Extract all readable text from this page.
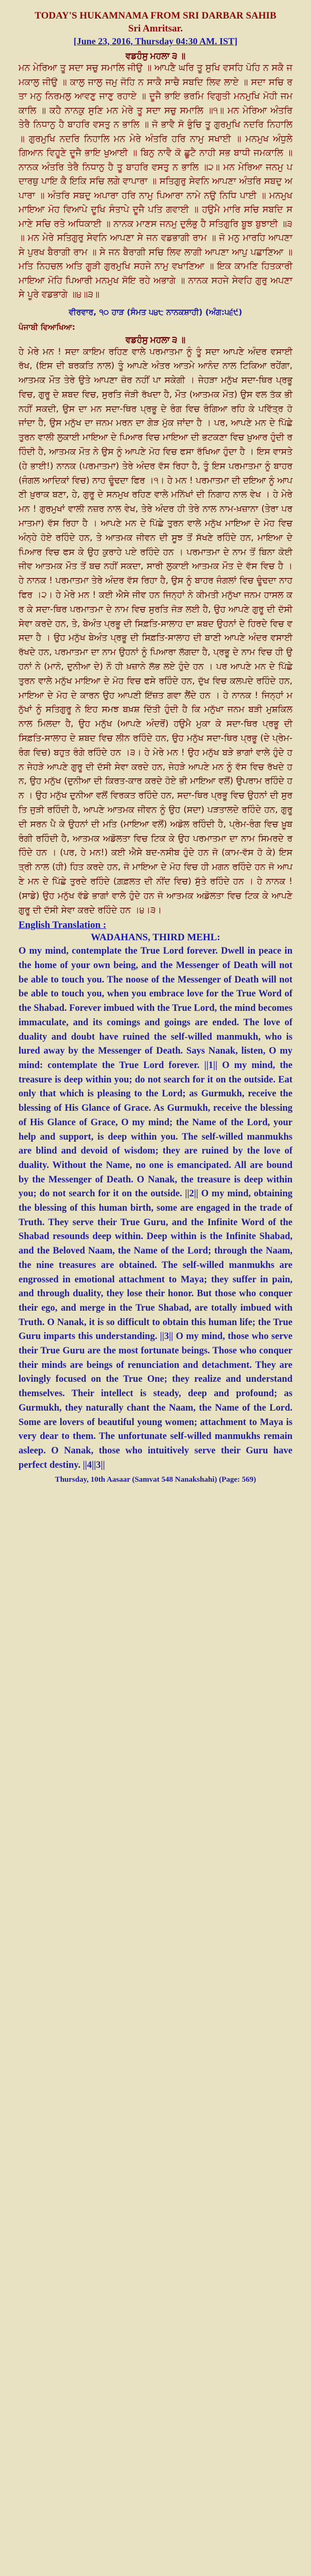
TODAY'S HUKAMNAMA FROM SRI DARBAR SAHIB
Sri Amritsar.
[June 23, 2016, Thursday 04:30 AM. IST]
ਵਡਹੰਸੁ ਮਹਲਾ ੩ ॥
ਮਨ ਮੇਰਿਆ ਤੂ ਸਦਾ ਸਚੁ ਸਮਾਲਿ ਜੀਉ ॥ ਆਪਣੈ ਘਰਿ ਤੂ ਸੁਖਿ ਵਸਹਿ ਪੋਹਿ ਨ ਸਕੈ ਜਮਕਾਲੁ ਜੀਉ ॥ ਕਾਲੁ ਜਾਲੁ ਜਮੁ ਜੋਹਿ ਨ ਸਾਕੈ ਸਾਚੈ ਸਬਦਿ ਲਿਵ ਲਾਏ ॥ ਸਦਾ ਸਚਿ ਰਤਾ ਮਨੁ ਨਿਰਮਲੁ ਆਵਣੁ ਜਾਣੁ ਰਹਾਏ ॥ ਦੂਜੈ ਭਾਇ ਭਰਮਿ ਵਿਗੁਤੀ ਮਨਮੁਖਿ ਮੋਹੀ ਜਮਕਾਲਿ ॥ ਕਹੈ ਨਾਨਕੁ ਸੁਣਿ ਮਨ ਮੇਰੇ ਤੂ ਸਦਾ ਸਚੁ ਸਮਾਲਿ ॥੧॥ ਮਨ ਮੇਰਿਆ ਅੰਤਰਿ ਤੇਰੈ ਨਿਧਾਨੁ ਹੈ ਬਾਹਰਿ ਵਸਤੁ ਨ ਭਾਲਿ ॥ ਜੋ ਭਾਵੈ ਸੋ ਭੁੰਚਿ ਤੂ ਗੁਰਮੁਖਿ ਨਦਰਿ ਨਿਹਾਲਿ ॥ ਗੁਰਮੁਖਿ ਨਦਰਿ ਨਿਹਾਲਿ ਮਨ ਮੇਰੇ ਅੰਤਰਿ ਹਰਿ ਨਾਮੁ ਸਖਾਈ ॥ ਮਨਮੁਖ ਅੰਧੁਲੇ ਗਿਆਨ ਵਿਹੂਣੇ ਦੂਜੈ ਭਾਇ ਖੁਆਈ ॥ ਬਿਨੁ ਨਾਵੈ ਕੋ ਛੂਟੈ ਨਾਹੀ ਸਭ ਬਾਧੀ ਜਮਕਾਲਿ ॥ ਨਾਨਕ ਅੰਤਰਿ ਤੇਰੈ ਨਿਧਾਨੁ ਹੈ ਤੂ ਬਾਹਰਿ ਵਸਤੁ ਨ ਭਾਲਿ ॥੨॥ ਮਨ ਮੇਰਿਆ ਜਨਮੁ ਪਦਾਰਥੁ ਪਾਇ ਕੈ ਇਕਿ ਸਚਿ ਲਗੇ ਵਾਪਾਰਾ ॥ ਸਤਿਗੁਰੁ ਸੇਵਨਿ ਆਪਣਾ ਅੰਤਰਿ ਸਬਦੁ ਅਪਾਰਾ ॥ ਅੰਤਰਿ ਸਬਦੁ ਅਪਾਰਾ ਹਰਿ ਨਾਮੁ ਪਿਆਰਾ ਨਾਮੇ ਨਉ ਨਿਧਿ ਪਾਈ ॥ ਮਨਮੁਖ ਮਾਇਆ ਮੋਹ ਵਿਆਪੇ ਦੂਖਿ ਸੰਤਾਪੇ ਦੂਜੈ ਪਤਿ ਗਵਾਈ ॥ ਹਉਮੈ ਮਾਰਿ ਸਚਿ ਸਬਦਿ ਸਮਾਣੇ ਸਚਿ ਰਤੇ ਅਧਿਕਾਈ ॥ ਨਾਨਕ ਮਾਣਸ ਜਨਮੁ ਦੁਲੰਭੁ ਹੈ ਸਤਿਗੁਰਿ ਬੂਝ ਬੁਝਾਈ ॥੩॥ ਮਨ ਮੇਰੇ ਸਤਿਗੁਰੁ ਸੇਵਨਿ ਆਪਣਾ ਸੇ ਜਨ ਵਡਭਾਗੀ ਰਾਮ ॥ ਜੋ ਮਨੁ ਮਾਰਹਿ ਆਪਣਾ ਸੇ ਪੁਰਖ ਬੈਰਾਗੀ ਰਾਮ ॥ ਸੇ ਜਨ ਬੈਰਾਗੀ ਸਚਿ ਲਿਵ ਲਾਗੀ ਆਪਣਾ ਆਪੁ ਪਛਾਣਿਆ ॥ ਮਤਿ ਨਿਹਚਲ ਅਤਿ ਗੂੜੀ ਗੁਰਮੁਖਿ ਸਹਜੇ ਨਾਮੁ ਵਖਾਣਿਆ ॥ ਇਕ ਕਾਮਣਿ ਹਿਤਕਾਰੀ ਮਾਇਆ ਮੋਹਿ ਪਿਆਰੀ ਮਨਮੁਖ ਸੋਇ ਰਹੇ ਅਭਾਗੇ ॥ ਨਾਨਕ ਸਹਜੇ ਸੇਵਹਿ ਗੁਰੁ ਅਪਣਾ ਸੇ ਪੂਰੇ ਵਡਭਾਗੇ ॥੪॥੩॥
ਵੀਰਵਾਰ, ੧੦ ਹਾੜ (ਸੰਮਤ ੫੪੮ ਨਾਨਕਸ਼ਾਹੀ) (ਅੰਗ:੫੬੯)
ਪੰਜਾਬੀ ਵਿਆਖਿਆ:
ਵਡਹੰਸੁ ਮਹਲਾ ੩ ॥
ਹੇ ਮੇਰੇ ਮਨ ! ਸਦਾ ਕਾਇਮ ਰਹਿਣ ਵਾਲੇ ਪਰਮਾਤਮਾ ਨੂੰ ਤੂੰ ਸਦਾ ਆਪਣੇ ਅੰਦਰ ਵਸਾਈ ਰੱਖ, (ਇਸ ਦੀ ਬਰਕਤਿ ਨਾਲ) ਤੂੰ ਆਪਣੇ ਅੰਤਰ ਆਤਮੇ ਆਨੰਦ ਨਾਲ ਟਿਕਿਆ ਰਹੇਂਗਾ, ਆਤਮਕ ਮੌਤ ਤੇਰੇ ਉਤੇ ਆਪਣਾ ਜ਼ੋਰ ਨਹੀਂ ਪਾ ਸਕੇਗੀ । ਜੇਹੜਾ ਮਨੁੱਖ ਸਦਾ-ਥਿਰ ਪ੍ਰਭੂ ਵਿਚ, ਗੁਰੂ ਦੇ ਸ਼ਬਦ ਵਿਚ, ਸੁਰਤਿ ਜੋੜੀ ਰੱਖਦਾ ਹੈ, ਮੌਤ (ਆਤਮਕ ਮੌਤ) ਉਸ ਵਲ ਤੱਕ ਭੀ ਨਹੀਂ ਸਕਦੀ, ਉਸ ਦਾ ਮਨ ਸਦਾ-ਥਿਰ ਪ੍ਰਭੂ ਦੇ ਰੰਗ ਵਿਚ ਰੰਗਿਆ ਰਹਿ ਕੇ ਪਵਿੱਤ੍ਰ ਹੋ ਜਾਂਦਾ ਹੈ, ਉਸ ਮਨੁੱਖ ਦਾ ਜਨਮ ਮਰਨ ਦਾ ਗੇੜ ਮੁੱਕ ਜਾਂਦਾ ਹੈ । ਪਰ, ਆਪਣੇ ਮਨ ਦੇ ਪਿੱਛੇ ਤੁਰਨ ਵਾਲੀ ਲੁਕਾਈ ਮਾਇਆ ਦੇ ਪਿਆਰ ਵਿਚ ਮਾਇਆ ਦੀ ਭਟਕਣਾ ਵਿਚ ਖ਼ੁਆਰ ਹੁੰਦੀ ਰਹਿੰਦੀ ਹੈ, ਆਤਮਕ ਮੌਤ ਨੇ ਉਸ ਨੂੰ ਆਪਣੇ ਮੋਹ ਵਿਚ ਫਸਾ ਰੱਖਿਆ ਹੁੰਦਾ ਹੈ । ਇਸ ਵਾਸਤੇ (ਹੇ ਭਾਈ!) ਨਾਨਕ (ਪਰਮਾਤਮਾ) ਤੇਰੇ ਅੰਦਰ ਵੱਸ ਰਿਹਾ ਹੈ, ਤੂੰ ਇਸ ਪਰਮਾਤਮਾ ਨੂੰ ਬਾਹਰ (ਜੰਗਲ ਆਦਿਕਾਂ ਵਿਚ) ਨਾਹ ਢੂੰਢਦਾ ਫਿਰ ।੧। ਹੇ ਮਨ ! ਪਰਮਾਤਮਾ ਦੀ ਦਇਆ ਨੂੰ ਆਪਣੀ ਖ਼ੁਰਾਕ ਬਣਾ, ਹੇ, ਗੁਰੂ ਦੇ ਸਨਮੁਖ ਰਹਿਣ ਵਾਲੇ ਮਨਿੱਖਾਂ ਦੀ ਨਿਗਾਹ ਨਾਲ ਵੇਖ । ਹੇ ਮੇਰੇ ਮਨ ! ਗੁਰਮੁਖਾਂ ਵਾਲੀ ਨਜ਼ਰ ਨਾਲ ਵੇਖ, ਤੇਰੇ ਅੰਦਰ ਹੀ ਤੇਰੇ ਨਾਲ ਨਾਮ-ਖ਼ਜ਼ਾਨਾ (ਤੇਰਾ ਪਰਮਾਤਮਾ) ਵੱਸ ਰਿਹਾ ਹੈ । ਆਪਣੇ ਮਨ ਦੇ ਪਿੱਛੇ ਤੁਰਨ ਵਾਲੇ ਮਨੁੱਖ ਮਾਇਆ ਦੇ ਮੋਹ ਵਿਚ ਅੰਨ੍ਹੇ ਹੋਏ ਰਹਿੰਦੇ ਹਨ, ਤੇ ਆਤਮਕ ਜੀਵਨ ਦੀ ਸੂਝ ਤੋਂ ਸੱਖਣੇ ਰਹਿੰਦੇ ਹਨ, ਮਾਇਆ ਦੇ ਪਿਆਰ ਵਿਚ ਫਸ ਕੇ ਉਹ ਕੁਰਾਹੇ ਪਏ ਰਹਿੰਦੇ ਹਨ । ਪਰਮਾਤਮਾ ਦੇ ਨਾਮ ਤੋਂ ਬਿਨਾ ਕੋਈ ਜੀਵ ਆਤਮਕ ਮੌਤ ਤੋਂ ਬਚ ਨਹੀਂ ਸਕਦਾ, ਸਾਰੀ ਲੁਕਾਈ ਆਤਮਕ ਮੌਤ ਦੇ ਵੱਸ ਵਿਚ ਹੈ । ਹੇ ਨਾਨਕ ! ਪਰਮਾਤਮਾ ਤੇਰੇ ਅੰਦਰ ਵੱਸ ਰਿਹਾ ਹੈ, ਉਸ ਨੂੰ ਬਾਹਰ ਜੰਗਲਾਂ ਵਿਚ ਢੂੰਢਦਾ ਨਾਹ ਫਿਰ ।੨। ਹੇ ਮੇਰੇ ਮਨ ! ਕਈ ਐਸੇ ਜੀਵ ਹਨ ਜਿਨ੍ਹਾਂ ਨੇ ਕੀਮਤੀ ਮਨੁੱਖਾ ਜਨਮ ਹਾਸਲ ਕਰ ਕੇ ਸਦਾ-ਥਿਰ ਪਰਮਾਤਮਾ ਦੇ ਨਾਮ ਵਿਚ ਸੁਰਤਿ ਜੋੜ ਲਈ ਹੈ, ਉਹ ਆਪਣੇ ਗੁਰੂ ਦੀ ਦੱਸੀ ਸੇਵਾ ਕਰਦੇ ਹਨ, ਤੇ, ਬੇਅੰਤ ਪ੍ਰਭੂ ਦੀ ਸਿਫ਼ਤਿ-ਸਾਲਾਹ ਦਾ ਸ਼ਬਦ ਉਹਨਾਂ ਦੇ ਹਿਰਦੇ ਵਿਚ ਵਸਦਾ ਹੈ । ਉਹ ਮਨੁੱਖ ਬੇਅੰਤ ਪ੍ਰਭੂ ਦੀ ਸਿਫ਼ਤਿ-ਸਾਲਾਹ ਦੀ ਬਾਣੀ ਆਪਣੇ ਅੰਦਰ ਵਸਾਈ ਰੱਖਦੇ ਹਨ, ਪਰਮਾਤਮਾ ਦਾ ਨਾਮ ਉਹਨਾਂ ਨੂੰ ਪਿਆਰਾ ਲੱਗਦਾ ਹੈ, ਪ੍ਰਭੂ ਦੇ ਨਾਮ ਵਿਚ ਹੀ ਉਹਨਾਂ ਨੇ (ਮਾਨੋ, ਦੁਨੀਆ ਦੇ) ਨੌ ਹੀ ਖ਼ਜ਼ਾਨੇ ਲੱਭ ਲਏ ਹੁੰਦੇ ਹਨ । ਪਰ ਆਪਣੇ ਮਨ ਦੇ ਪਿੱਛੇ ਤੁਰਨ ਵਾਲੇ ਮਨੁੱਖ ਮਾਇਆ ਦੇ ਮੋਹ ਵਿਚ ਫਸੇ ਰਹਿੰਦੇ ਹਨ, ਦੁੱਖ ਵਿਚ ਕਲਪਦੇ ਰਹਿੰਦੇ ਹਨ, ਮਾਇਆ ਦੇ ਮੋਹ ਦੇ ਕਾਰਨ ਉਹ ਆਪਣੀ ਇੱਜ਼ਤ ਗਵਾ ਲੈਂਦੇ ਹਨ । ਹੇ ਨਾਨਕ ! ਜਿਨ੍ਹਾਂ ਮਨੁੱਖਾਂ ਨੂੰ ਸਤਿਗੁਰੂ ਨੇ ਇਹ ਸਮਝ ਬਖ਼ਸ਼ ਦਿੱਤੀ ਹੁੰਦੀ ਹੈ ਕਿ ਮਨੁੱਖਾ ਜਨਮ ਬੜੀ ਮੁਸ਼ਕਿਲ ਨਾਲ ਮਿਲਦਾ ਹੈ, ਉਹ ਮਨੁੱਖ (ਆਪਣੇ ਅੰਦਰੋਂ) ਹਉਮੈ ਮੁਕਾ ਕੇ ਸਦਾ-ਥਿਰ ਪ੍ਰਭੂ ਦੀ ਸਿਫ਼ਤਿ-ਸਾਲਾਹ ਦੇ ਸ਼ਬਦ ਵਿਚ ਲੀਨ ਰਹਿੰਦੇ ਹਨ, ਉਹ ਮਨੁੱਖ ਸਦਾ-ਥਿਰ ਪ੍ਰਭੂ (ਦੇ ਪ੍ਰੇਮ-ਰੰਗ ਵਿਚ) ਬਹੁਤ ਰੰਗੇ ਰਹਿੰਦੇ ਹਨ ।੩। ਹੇ ਮੇਰੇ ਮਨ ! ਉਹ ਮਨੁੱਖ ਬੜੇ ਭਾਗਾਂ ਵਾਲੇ ਹੁੰਦੇ ਹਨ ਜੇਹੜੇ ਆਪਣੇ ਗੁਰੂ ਦੀ ਦੱਸੀ ਸੇਵਾ ਕਰਦੇ ਹਨ, ਜੇਹੜੇ ਆਪਣੇ ਮਨ ਨੂੰ ਵੱਸ ਵਿਚ ਰੱਖਦੇ ਹਨ, ਉਹ ਮਨੁੱਖ (ਦੁਨੀਆ ਦੀ ਕਿਰਤ-ਕਾਰ ਕਰਦੇ ਹੋਏ ਭੀ ਮਾਇਆ ਵਲੋਂ) ਉਪਰਾਮ ਰਹਿੰਦੇ ਹਨ । ਉਹ ਮਨੁੱਖ ਦੁਨੀਆ ਵਲੋਂ ਵਿਰਕਤ ਰਹਿੰਦੇ ਹਨ, ਸਦਾ-ਥਿਰ ਪ੍ਰਭੂ ਵਿਚ ਉਹਨਾਂ ਦੀ ਸੁਰਤਿ ਜੁੜੀ ਰਹਿੰਦੀ ਹੈ, ਆਪਣੇ ਆਤਮਕ ਜੀਵਨ ਨੂੰ ਉਹ (ਸਦਾ) ਪੜਤਾਲਦੇ ਰਹਿੰਦੇ ਹਨ, ਗੁਰੂ ਦੀ ਸਰਨ ਪੈ ਕੇ ਉਹਨਾਂ ਦੀ ਮਤਿ (ਮਾਇਆ ਵਲੋਂ) ਅਡੋਲ ਰਹਿੰਦੀ ਹੈ, ਪ੍ਰੇਮ-ਰੰਗ ਵਿਚ ਖ਼ੂਬ ਰੰਗੀ ਰਹਿੰਦੀ ਹੈ, ਆਤਮਕ ਅਡੋਲਤਾ ਵਿਚ ਟਿਕ ਕੇ ਉਹ ਪਰਮਾਤਮਾ ਦਾ ਨਾਮ ਸਿਮਰਦੇ ਰਹਿੰਦੇ ਹਨ । (ਪਰ, ਹੇ ਮਨ!) ਕਈ ਐਸੇ ਬਦ-ਨਸੀਬ ਹੁੰਦੇ ਹਨ ਜੋ (ਕਾਮ-ਵੱਸ ਹੋ ਕੇ) ਇਸਤ੍ਰੀ ਨਾਲ (ਹੀ) ਹਿਤ ਕਰਦੇ ਹਨ, ਜੋ ਮਾਇਆ ਦੇ ਮੋਹ ਵਿਚ ਹੀ ਮਗਨ ਰਹਿੰਦੇ ਹਨ ਜੋ ਆਪਣੇ ਮਨ ਦੇ ਪਿੱਛੇ ਤੁਰਦੇ ਰਹਿੰਦੇ (ਗ਼ਫ਼ਲਤ ਦੀ ਨੀਂਦ ਵਿਚ) ਸੁੱਤੇ ਰਹਿੰਦੇ ਹਨ । ਹੇ ਨਾਨਕ ! (ਸਾਡੇ) ਉਹ ਮਨੁੱਖ ਵੱਡੇ ਭਾਗਾਂ ਵਾਲੇ ਹੁੰਦੇ ਹਨ ਜੋ ਆਤਮਕ ਅਡੋਲਤਾ ਵਿਚ ਟਿਕ ਕੇ ਆਪਣੇ ਗੁਰੂ ਦੀ ਦੱਸੀ ਸੇਵਾ ਕਰਦੇ ਰਹਿੰਦੇ ਹਨ ।੪।੩।
English Translation :
WADAHANS, THIRD MEHL:
O my mind, contemplate the True Lord forever. Dwell in peace in the home of your own being, and the Messenger of Death will not be able to touch you. The noose of the Messenger of Death will not be able to touch you, when you embrace love for the True Word of the Shabad. Forever imbued with the True Lord, the mind becomes immaculate, and its comings and goings are ended. The love of duality and doubt have ruined the self-willed manmukh, who is lured away by the Messenger of Death. Says Nanak, listen, O my mind: contemplate the True Lord forever. ||1|| O my mind, the treasure is deep within you; do not search for it on the outside. Eat only that which is pleasing to the Lord; as Gurmukh, receive the blessing of His Glance of Grace. As Gurmukh, receive the blessing of His Glance of Grace, O my mind; the Name of the Lord, your help and support, is deep within you. The self-willed manmukhs are blind and devoid of wisdom; they are ruined by the love of duality. Without the Name, no one is emancipated. All are bound by the Messenger of Death. O Nanak, the treasure is deep within you; do not search for it on the outside. ||2|| O my mind, obtaining the blessing of this human birth, some are engaged in the trade of Truth. They serve their True Guru, and the Infinite Word of the Shabad resounds deep within. Deep within is the Infinite Shabad, and the Beloved Naam, the Name of the Lord; through the Naam, the nine treasures are obtained. The self-willed manmukhs are engrossed in emotional attachment to Maya; they suffer in pain, and through duality, they lose their honor. But those who conquer their ego, and merge in the True Shabad, are totally imbued with Truth. O Nanak, it is so difficult to obtain this human life; the True Guru imparts this understanding. ||3|| O my mind, those who serve their True Guru are the most fortunate beings. Those who conquer their minds are beings of renunciation and detachment. They are lovingly focused on the True One; they realize and understand themselves. Their intellect is steady, deep and profound; as Gurmukh, they naturally chant the Naam, the Name of the Lord. Some are lovers of beautiful young women; attachment to Maya is very dear to them. The unfortunate self-willed manmukhs remain asleep. O Nanak, those who intuitively serve their Guru have perfect destiny. ||4||3||
Thursday, 10th Aasaar (Samvat 548 Nanakshahi) (Page: 569)
